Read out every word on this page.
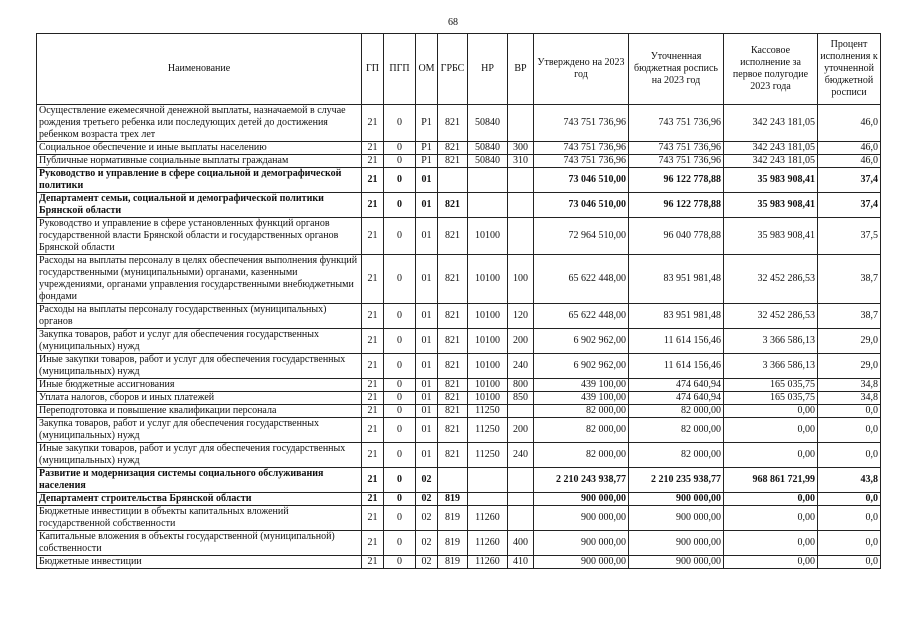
68
Наименование	ГП	ПГП	ОМ	ГРБС	НР	ВР	Утверждено на 2023 год	Уточненная бюджетная роспись на 2023 год	Кассовое исполнение за первое полугодие 2023 года	Процент исполнения к уточненной бюджетной росписи
Осуществление ежемесячной денежной выплаты, назначаемой в случае рождения третьего ребенка или последующих детей до достижения ребенком возраста трех лет	21	0	Р1	821	50840		743 751 736,96	743 751 736,96	342 243 181,05	46,0
Социальное обеспечение и иные выплаты населению	21	0	Р1	821	50840	300	743 751 736,96	743 751 736,96	342 243 181,05	46,0
Публичные нормативные социальные выплаты гражданам	21	0	Р1	821	50840	310	743 751 736,96	743 751 736,96	342 243 181,05	46,0
Руководство и управление в сфере социальной и демографической политики	21	0	01				73 046 510,00	96 122 778,88	35 983 908,41	37,4
Департамент семьи, социальной и демографической политики Брянской области	21	0	01	821			73 046 510,00	96 122 778,88	35 983 908,41	37,4
Руководство и управление в сфере установленных функций органов государственной власти Брянской области и государственных органов Брянской области	21	0	01	821	10100		72 964 510,00	96 040 778,88	35 983 908,41	37,5
Расходы на выплаты персоналу в целях обеспечения выполнения функций государственными (муниципальными) органами, казенными учреждениями, органами управления государственными внебюджетными фондами	21	0	01	821	10100	100	65 622 448,00	83 951 981,48	32 452 286,53	38,7
Расходы на выплаты персоналу государственных (муниципальных) органов	21	0	01	821	10100	120	65 622 448,00	83 951 981,48	32 452 286,53	38,7
Закупка товаров, работ и услуг для обеспечения государственных (муниципальных) нужд	21	0	01	821	10100	200	6 902 962,00	11 614 156,46	3 366 586,13	29,0
Иные закупки товаров, работ и услуг для обеспечения государственных (муниципальных) нужд	21	0	01	821	10100	240	6 902 962,00	11 614 156,46	3 366 586,13	29,0
Иные бюджетные ассигнования	21	0	01	821	10100	800	439 100,00	474 640,94	165 035,75	34,8
Уплата налогов, сборов и иных платежей	21	0	01	821	10100	850	439 100,00	474 640,94	165 035,75	34,8
Переподготовка и повышение квалификации персонала	21	0	01	821	11250		82 000,00	82 000,00	0,00	0,0
Закупка товаров, работ и услуг для обеспечения государственных (муниципальных) нужд	21	0	01	821	11250	200	82 000,00	82 000,00	0,00	0,0
Иные закупки товаров, работ и услуг для обеспечения государственных (муниципальных) нужд	21	0	01	821	11250	240	82 000,00	82 000,00	0,00	0,0
Развитие и модернизация системы социального обслуживания населения	21	0	02				2 210 243 938,77	2 210 235 938,77	968 861 721,99	43,8
Департамент строительства Брянской области	21	0	02	819			900 000,00	900 000,00	0,00	0,0
Бюджетные инвестиции в объекты капитальных вложений государственной собственности	21	0	02	819	11260		900 000,00	900 000,00	0,00	0,0
Капитальные вложения в объекты государственной (муниципальной) собственности	21	0	02	819	11260	400	900 000,00	900 000,00	0,00	0,0
Бюджетные инвестиции	21	0	02	819	11260	410	900 000,00	900 000,00	0,00	0,0
